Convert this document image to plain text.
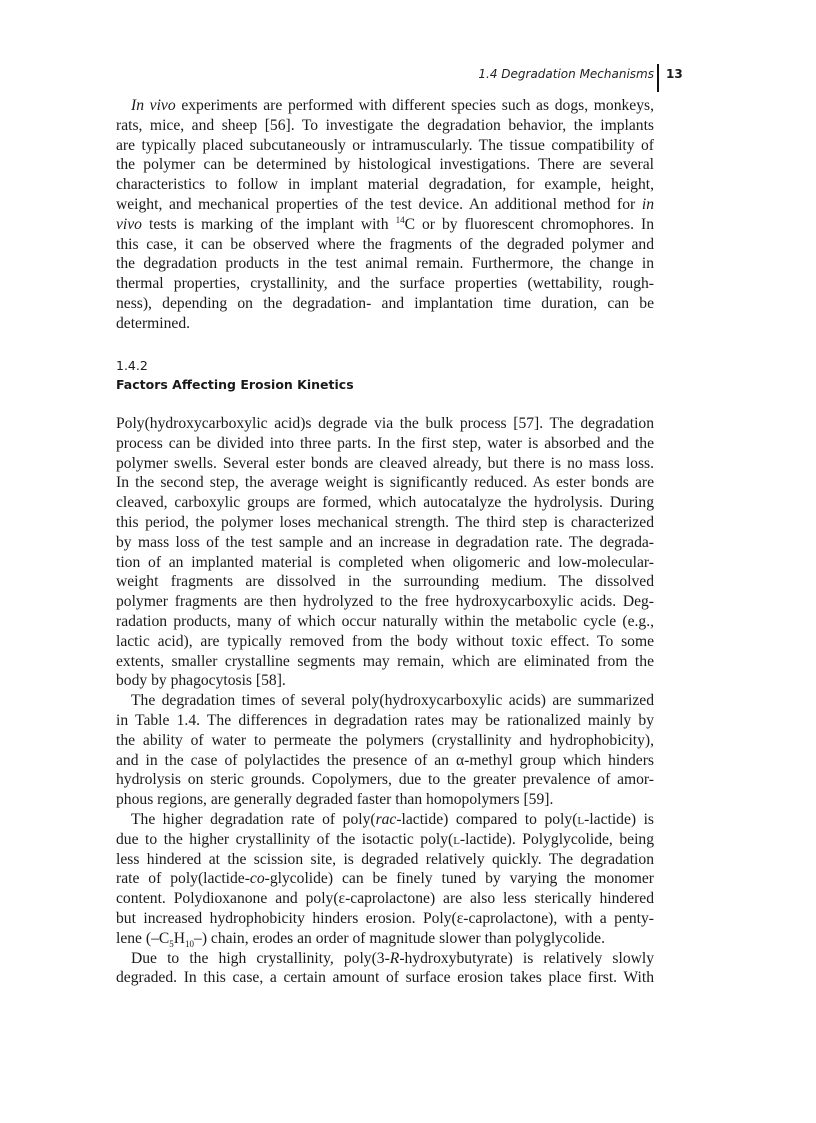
1.4 Degradation Mechanisms 13
In vivo experiments are performed with different species such as dogs, monkeys,
rats, mice, and sheep [56]. To investigate the degradation behavior, the implants
are typically placed subcutaneously or intramuscularly. The tissue compatibility of
the polymer can be determined by histological investigations. There are several
characteristics to follow in implant material degradation, for example, height,
weight, and mechanical properties of the test device. An additional method for in
vivo tests is marking of the implant with $^{14}$C or by fluorescent chromophores. In
this case, it can be observed where the fragments of the degraded polymer and
the degradation products in the test animal remain. Furthermore, the change in
thermal properties, crystallinity, and the surface properties (wettability, rough-
ness), depending on the degradation- and implantation time duration, can be
determined.
1.4.2
Factors Affecting Erosion Kinetics
Poly(hydroxycarboxylic acid)s degrade via the bulk process [57]. The degradation
process can be divided into three parts. In the first step, water is absorbed and the
polymer swells. Several ester bonds are cleaved already, but there is no mass loss.
In the second step, the average weight is significantly reduced. As ester bonds are
cleaved, carboxylic groups are formed, which autocatalyze the hydrolysis. During
this period, the polymer loses mechanical strength. The third step is characterized
by mass loss of the test sample and an increase in degradation rate. The degrada-
tion of an implanted material is completed when oligomeric and low-molecular-
weight fragments are dissolved in the surrounding medium. The dissolved
polymer fragments are then hydrolyzed to the free hydroxycarboxylic acids. Deg-
radation products, many of which occur naturally within the metabolic cycle (e.g.,
lactic acid), are typically removed from the body without toxic effect. To some
extents, smaller crystalline segments may remain, which are eliminated from the
body by phagocytosis [58].
The degradation times of several poly(hydroxycarboxylic acids) are summarized
in Table 1.4. The differences in degradation rates may be rationalized mainly by
the ability of water to permeate the polymers (crystallinity and hydrophobicity),
and in the case of polylactides the presence of an α-methyl group which hinders
hydrolysis on steric grounds. Copolymers, due to the greater prevalence of amor-
phous regions, are generally degraded faster than homopolymers [59].
The higher degradation rate of poly(rac-lactide) compared to poly(l-lactide) is
due to the higher crystallinity of the isotactic poly(l-lactide). Polyglycolide, being
less hindered at the scission site, is degraded relatively quickly. The degradation
rate of poly(lactide-co-glycolide) can be finely tuned by varying the monomer
content. Polydioxanone and poly(ε-caprolactone) are also less sterically hindered
but increased hydrophobicity hinders erosion. Poly(ε-caprolactone), with a penty-
lene $(-C_5H_{10}-)$ chain, erodes an order of magnitude slower than polyglycolide.
Due to the high crystallinity, poly(3-R-hydroxybutyrate) is relatively slowly
degraded. In this case, a certain amount of surface erosion takes place first. With
